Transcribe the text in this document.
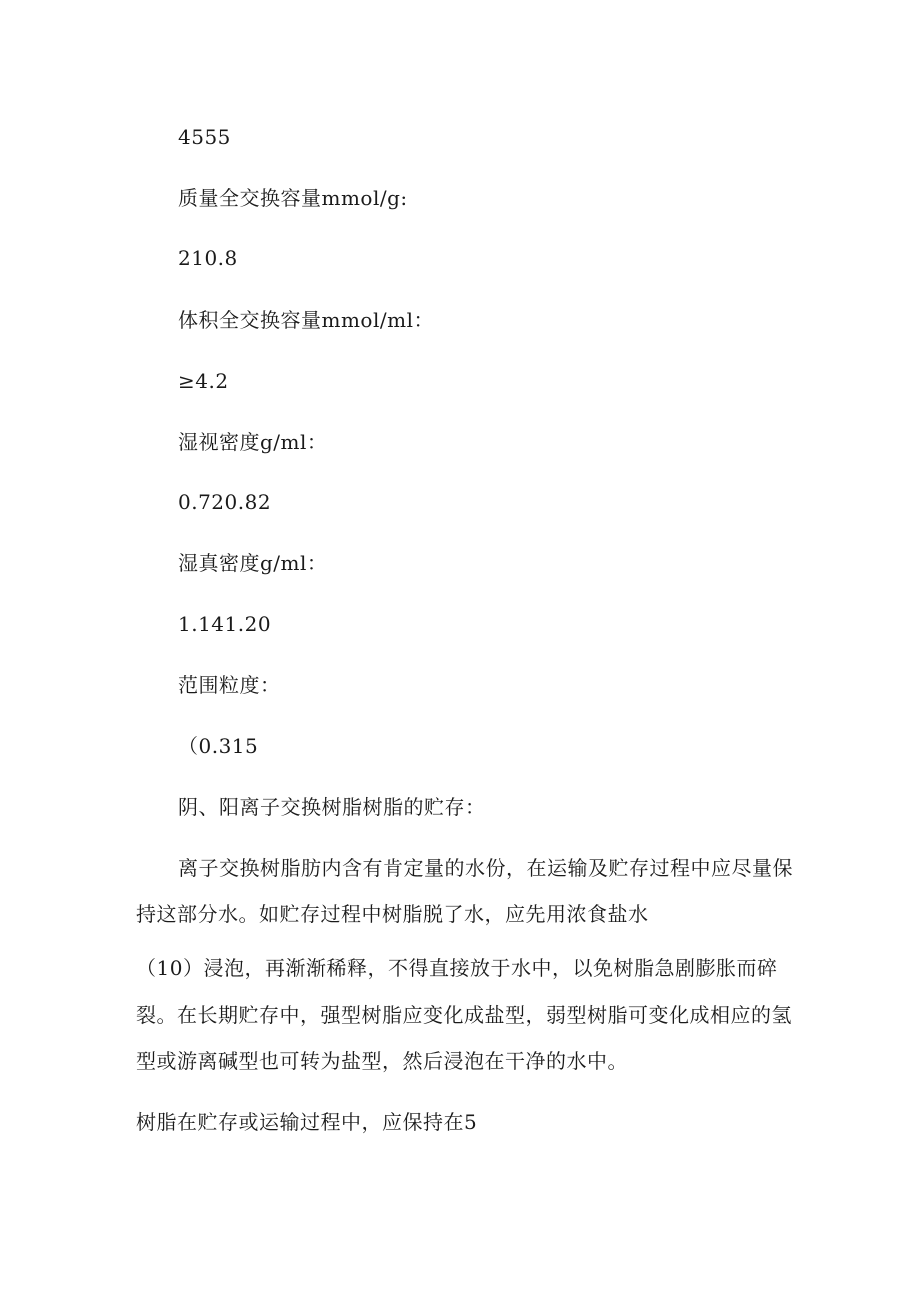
4555
质量全交换容量mmol/g:
210.8
体积全交换容量mmol/ml：
≥4.2
湿视密度g/ml：
0.720.82
湿真密度g/ml：
1.141.20
范围粒度：
（0.315
阴、阳离子交换树脂树脂的贮存：
离子交换树脂肪内含有肯定量的水份，在运输及贮存过程中应尽量保
持这部分水。如贮存过程中树脂脱了水，应先用浓食盐水
（10）浸泡，再渐渐稀释，不得直接放于水中，以免树脂急剧膨胀而碎
裂。在长期贮存中，强型树脂应变化成盐型，弱型树脂可变化成相应的氢
型或游离碱型也可转为盐型，然后浸泡在干净的水中。
树脂在贮存或运输过程中，应保持在5
